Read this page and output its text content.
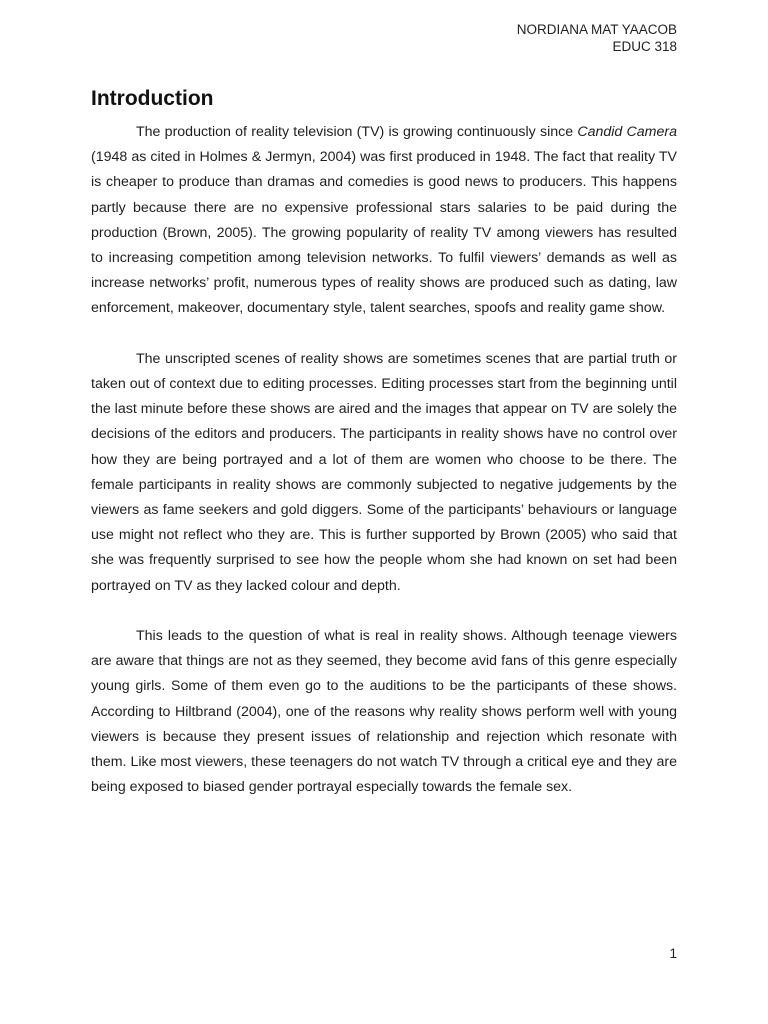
NORDIANA MAT YAACOB
EDUC 318
Introduction

The production of reality television (TV) is growing continuously since Candid Camera (1948 as cited in Holmes & Jermyn, 2004) was first produced in 1948. The fact that reality TV is cheaper to produce than dramas and comedies is good news to producers. This happens partly because there are no expensive professional stars salaries to be paid during the production (Brown, 2005). The growing popularity of reality TV among viewers has resulted to increasing competition among television networks. To fulfil viewers’ demands as well as increase networks’ profit, numerous types of reality shows are produced such as dating, law enforcement, makeover, documentary style, talent searches, spoofs and reality game show.

The unscripted scenes of reality shows are sometimes scenes that are partial truth or taken out of context due to editing processes. Editing processes start from the beginning until the last minute before these shows are aired and the images that appear on TV are solely the decisions of the editors and producers. The participants in reality shows have no control over how they are being portrayed and a lot of them are women who choose to be there. The female participants in reality shows are commonly subjected to negative judgements by the viewers as fame seekers and gold diggers. Some of the participants’ behaviours or language use might not reflect who they are. This is further supported by Brown (2005) who said that she was frequently surprised to see how the people whom she had known on set had been portrayed on TV as they lacked colour and depth.

This leads to the question of what is real in reality shows. Although teenage viewers are aware that things are not as they seemed, they become avid fans of this genre especially young girls. Some of them even go to the auditions to be the participants of these shows. According to Hiltbrand (2004), one of the reasons why reality shows perform well with young viewers is because they present issues of relationship and rejection which resonate with them. Like most viewers, these teenagers do not watch TV through a critical eye and they are being exposed to biased gender portrayal especially towards the female sex.

1
